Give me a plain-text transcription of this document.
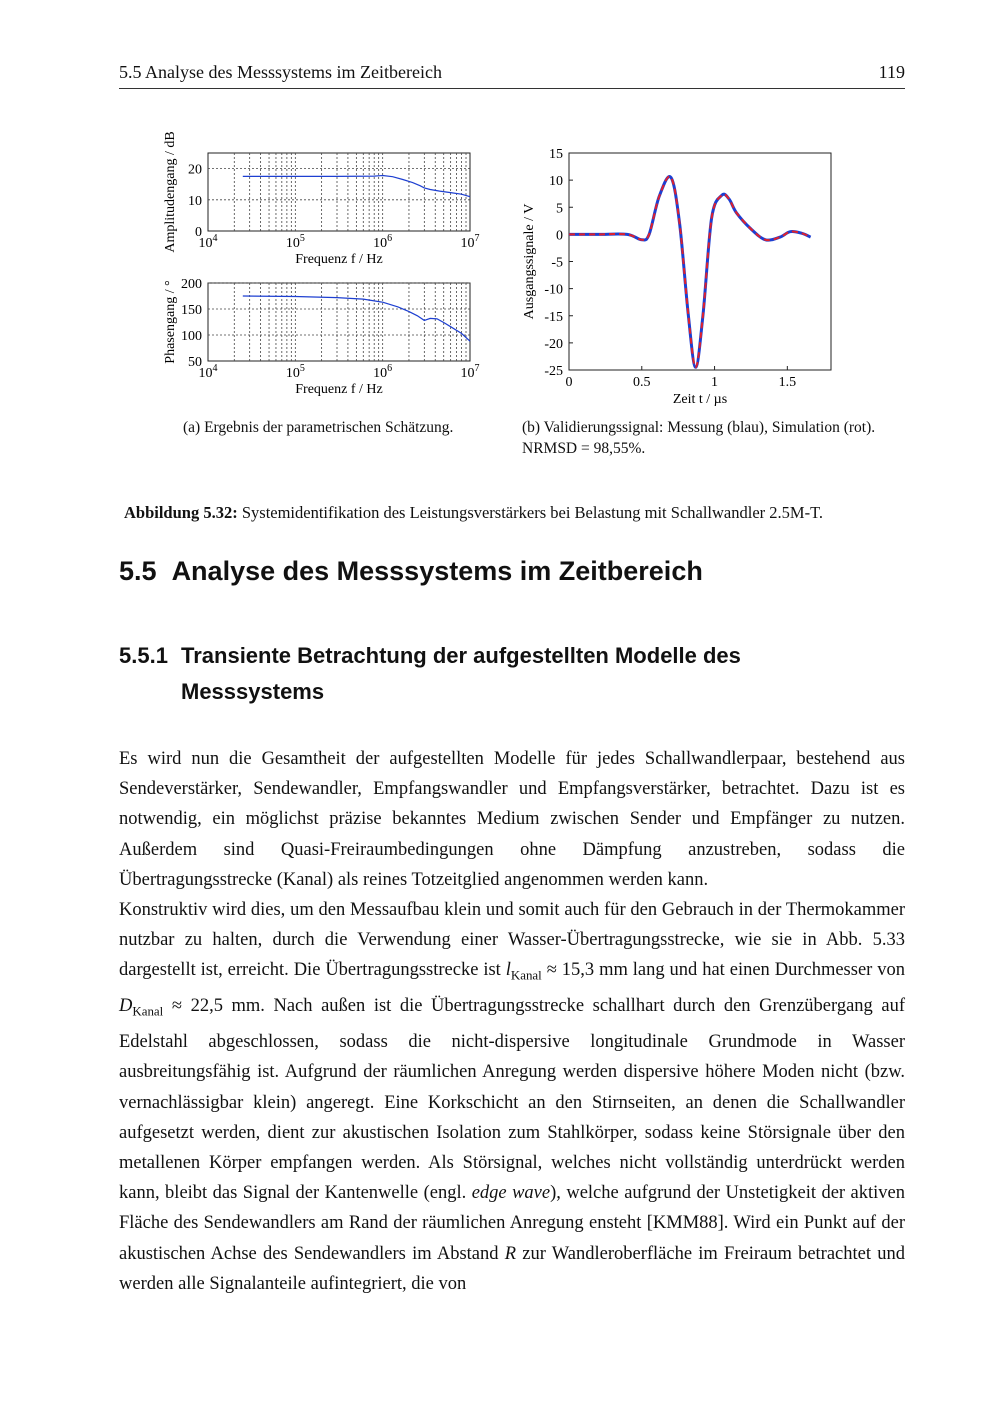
5.5 Analyse des Messsystems im Zeitbereich	119
0
10
20
$10^4$	$10^5$	$10^6$	$10^7$
Frequenz f / Hz
Amplitudengang / dB
50
100
150
200
$10^4$	$10^5$	$10^6$	$10^7$
Frequenz f / Hz
Phasengang / °
-25
-20
-15
-10
-5
0
5
10
15
0	0.5	1	1.5
Zeit t / µs
Ausgangssignale / V
(a) Ergebnis der parametrischen Schätzung.	(b) Validierungssignal: Messung (blau), Simulation (rot). NRMSD = 98,55%.
Abbildung 5.32: Systemidentifikation des Leistungsverstärkers bei Belastung mit Schallwandler 2.5M-T.
5.5 Analyse des Messsystems im Zeitbereich
5.5.1 Transiente Betrachtung der aufgestellten Modelle des
Messsystems

Es wird nun die Gesamtheit der aufgestellten Modelle für jedes Schallwandlerpaar, bestehend aus Sendeverstärker, Sendewandler, Empfangswandler und Empfangsverstärker, betrachtet. Dazu ist es notwendig, ein möglichst präzise bekanntes Medium zwischen Sender und Empfänger zu nutzen. Außerdem sind Quasi-Freiraumbedingungen ohne Dämpfung anzustreben, sodass die Übertragungsstrecke (Kanal) als reines Totzeitglied angenommen werden kann.

Konstruktiv wird dies, um den Messaufbau klein und somit auch für den Gebrauch in der Thermokammer nutzbar zu halten, durch die Verwendung einer Wasser-Übertragungsstrecke, wie sie in Abb. 5.33 dargestellt ist, erreicht. Die Übertragungsstrecke ist $l_{Kanal} \approx 15,3$ mm lang und hat einen Durchmesser von $D_{Kanal} \approx 22,5$ mm. Nach außen ist die Übertragungsstrecke schallhart durch den Grenzübergang auf Edelstahl abgeschlossen, sodass die nicht-dispersive longitudinale Grundmode in Wasser ausbreitungsfähig ist. Aufgrund der räumlichen Anregung werden dispersive höhere Moden nicht (bzw. vernachlässigbar klein) angeregt. Eine Korkschicht an den Stirnseiten, an denen die Schallwandler aufgesetzt werden, dient zur akustischen Isolation zum Stahlkörper, sodass keine Störsignale über den metallenen Körper empfangen werden. Als Störsignal, welches nicht vollständig unterdrückt werden kann, bleibt das Signal der Kantenwelle (engl. edge wave), welche aufgrund der Unstetigkeit der aktiven Fläche des Sendewandlers am Rand der räumlichen Anregung ensteht [KMM88]. Wird ein Punkt auf der akustischen Achse des Sendewandlers im Abstand R zur Wandleroberfläche im Freiraum betrachtet und werden alle Signalanteile aufintegriert, die von
